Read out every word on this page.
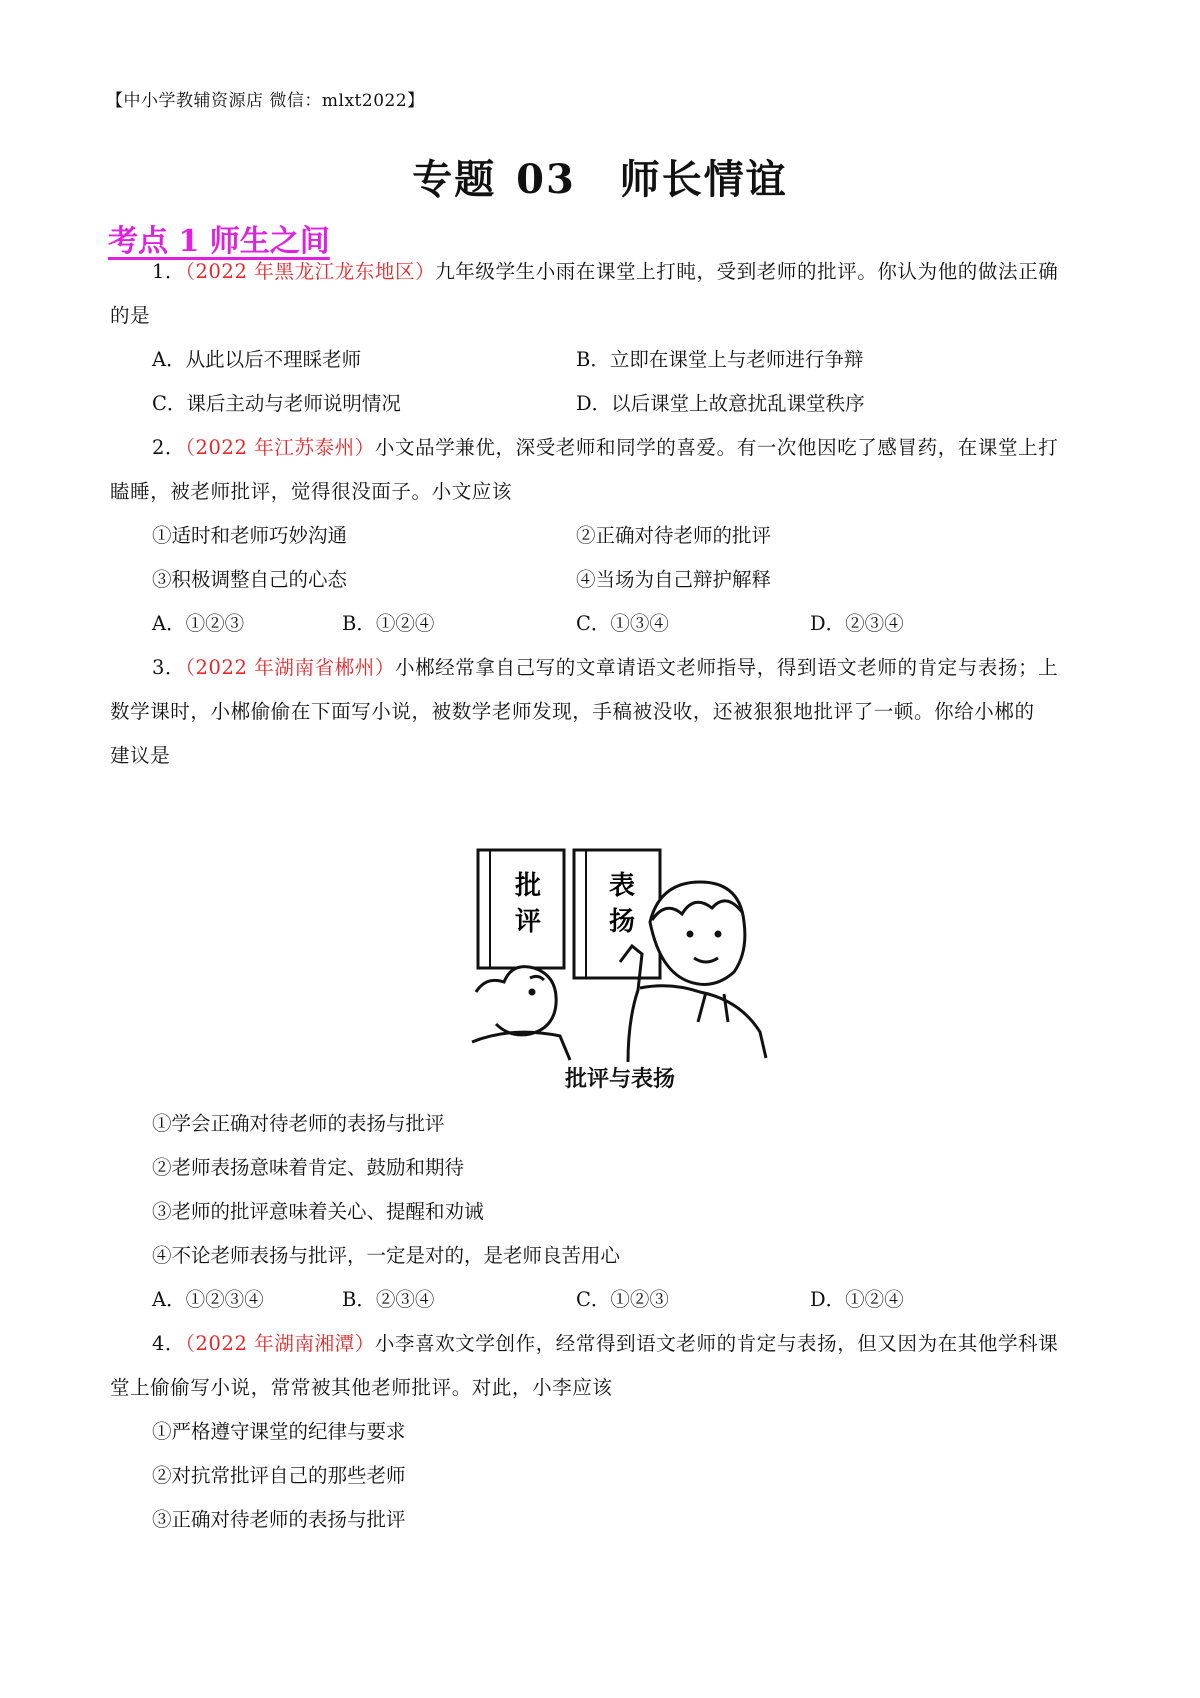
【中小学教辅资源店 微信：mlxt2022】
专题 03 师长情谊
考点 1 师生之间
1．（2022 年黑龙江龙东地区）九年级学生小雨在课堂上打盹，受到老师的批评。你认为他的做法正确
的是
A．从此以后不理睬老师	B．立即在课堂上与老师进行争辩
C．课后主动与老师说明情况	D．以后课堂上故意扰乱课堂秩序
2．（2022 年江苏泰州）小文品学兼优，深受老师和同学的喜爱。有一次他因吃了感冒药，在课堂上打
瞌睡，被老师批评，觉得很没面子。小文应该
①适时和老师巧妙沟通	②正确对待老师的批评
③积极调整自己的心态	④当场为自己辩护解释
A．①②③	B．①②④	C．①③④	D．②③④
3．（2022 年湖南省郴州）小郴经常拿自己写的文章请语文老师指导，得到语文老师的肯定与表扬；上
数学课时，小郴偷偷在下面写小说，被数学老师发现，手稿被没收，还被狠狠地批评了一顿。你给小郴的
建议是
批
评
表
扬
批评与表扬
①学会正确对待老师的表扬与批评
②老师表扬意味着肯定、鼓励和期待
③老师的批评意味着关心、提醒和劝诫
④不论老师表扬与批评，一定是对的，是老师良苦用心
A．①②③④	B．②③④	C．①②③	D．①②④
4．（2022 年湖南湘潭）小李喜欢文学创作，经常得到语文老师的肯定与表扬，但又因为在其他学科课
堂上偷偷写小说，常常被其他老师批评。对此，小李应该
①严格遵守课堂的纪律与要求
②对抗常批评自己的那些老师
③正确对待老师的表扬与批评
